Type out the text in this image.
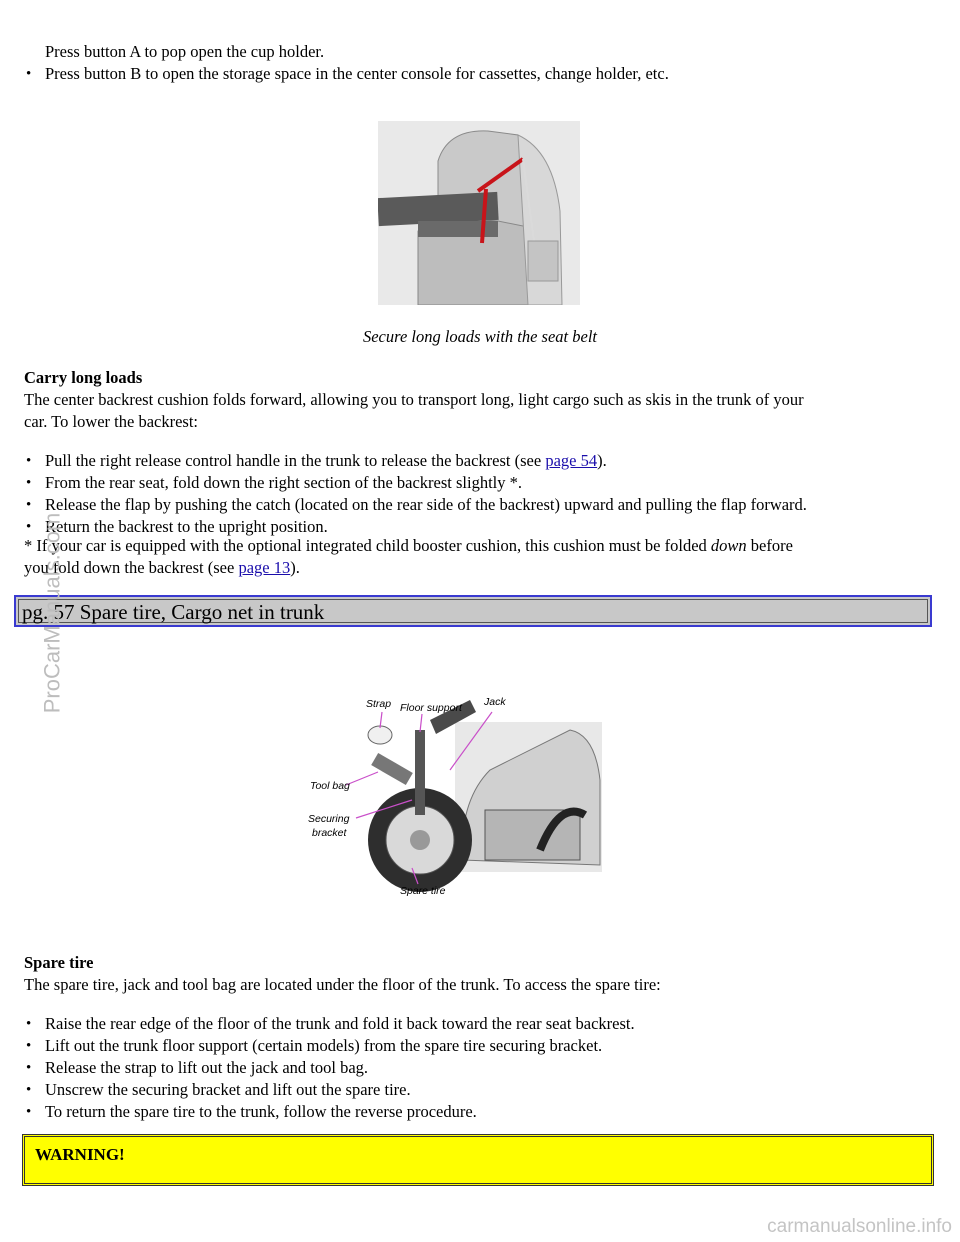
Press button A to pop open the cup holder.
• Press button B to open the storage space in the center console for cassettes, change holder, etc.
Secure long loads with the seat belt
Carry long loads
The center backrest cushion folds forward, allowing you to transport long, light cargo such as skis in the trunk of your
car. To lower the backrest:
• Pull the right release control handle in the trunk to release the backrest (see page 54).
• From the rear seat, fold down the right section of the backrest slightly *.
• Release the flap by pushing the catch (located on the rear side of the backrest) upward and pulling the flap forward.
• Return the backrest to the upright position.
* If your car is equipped with the optional integrated child booster cushion, this cushion must be folded down before
you fold down the backrest (see page 13).
pg. 57 Spare tire, Cargo net in trunk
Strap Floor support Jack
Tool bag
Securing
bracket
Spare tire
Spare tire
The spare tire, jack and tool bag are located under the floor of the trunk. To access the spare tire:
• Raise the rear edge of the floor of the trunk and fold it back toward the rear seat backrest.
• Lift out the trunk floor support (certain models) from the spare tire securing bracket.
• Release the strap to lift out the jack and tool bag.
• Unscrew the securing bracket and lift out the spare tire.
• To return the spare tire to the trunk, follow the reverse procedure.
WARNING!
ProCarManuals.com
carmanualsonline.info
